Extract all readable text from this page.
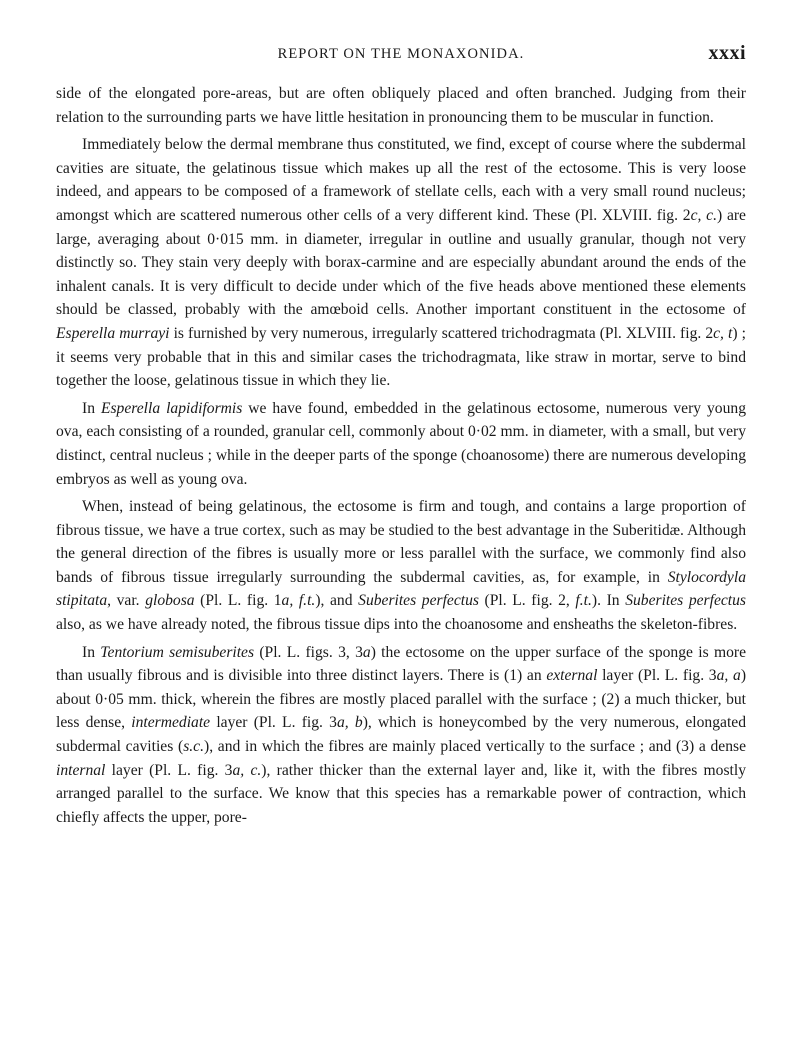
REPORT ON THE MONAXONIDA.	xxxi

side of the elongated pore-areas, but are often obliquely placed and often branched. Judging from their relation to the surrounding parts we have little hesitation in pronouncing them to be muscular in function.

Immediately below the dermal membrane thus constituted, we find, except of course where the subdermal cavities are situate, the gelatinous tissue which makes up all the rest of the ectosome. This is very loose indeed, and appears to be composed of a framework of stellate cells, each with a very small round nucleus; amongst which are scattered numerous other cells of a very different kind. These (Pl. XLVIII. fig. 2c, c.) are large, averaging about 0·015 mm. in diameter, irregular in outline and usually granular, though not very distinctly so. They stain very deeply with borax-carmine and are especially abundant around the ends of the inhalent canals. It is very difficult to decide under which of the five heads above mentioned these elements should be classed, probably with the amœboid cells. Another important constituent in the ectosome of Esperella murrayi is furnished by very numerous, irregularly scattered trichodragmata (Pl. XLVIII. fig. 2c, t) ; it seems very probable that in this and similar cases the trichodragmata, like straw in mortar, serve to bind together the loose, gelatinous tissue in which they lie.

In Esperella lapidiformis we have found, embedded in the gelatinous ectosome, numerous very young ova, each consisting of a rounded, granular cell, commonly about 0·02 mm. in diameter, with a small, but very distinct, central nucleus ; while in the deeper parts of the sponge (choanosome) there are numerous developing embryos as well as young ova.

When, instead of being gelatinous, the ectosome is firm and tough, and contains a large proportion of fibrous tissue, we have a true cortex, such as may be studied to the best advantage in the Suberitidæ. Although the general direction of the fibres is usually more or less parallel with the surface, we commonly find also bands of fibrous tissue irregularly surrounding the subdermal cavities, as, for example, in Stylocordyla stipitata, var. globosa (Pl. L. fig. 1a, f.t.), and Suberites perfectus (Pl. L. fig. 2, f.t.). In Suberites perfectus also, as we have already noted, the fibrous tissue dips into the choanosome and ensheaths the skeleton-fibres.

In Tentorium semisuberites (Pl. L. figs. 3, 3a) the ectosome on the upper surface of the sponge is more than usually fibrous and is divisible into three distinct layers. There is (1) an external layer (Pl. L. fig. 3a, a) about 0·05 mm. thick, wherein the fibres are mostly placed parallel with the surface ; (2) a much thicker, but less dense, intermediate layer (Pl. L. fig. 3a, b), which is honeycombed by the very numerous, elongated subdermal cavities (s.c.), and in which the fibres are mainly placed vertically to the surface ; and (3) a dense internal layer (Pl. L. fig. 3a, c.), rather thicker than the external layer and, like it, with the fibres mostly arranged parallel to the surface. We know that this species has a remarkable power of contraction, which chiefly affects the upper, pore-
